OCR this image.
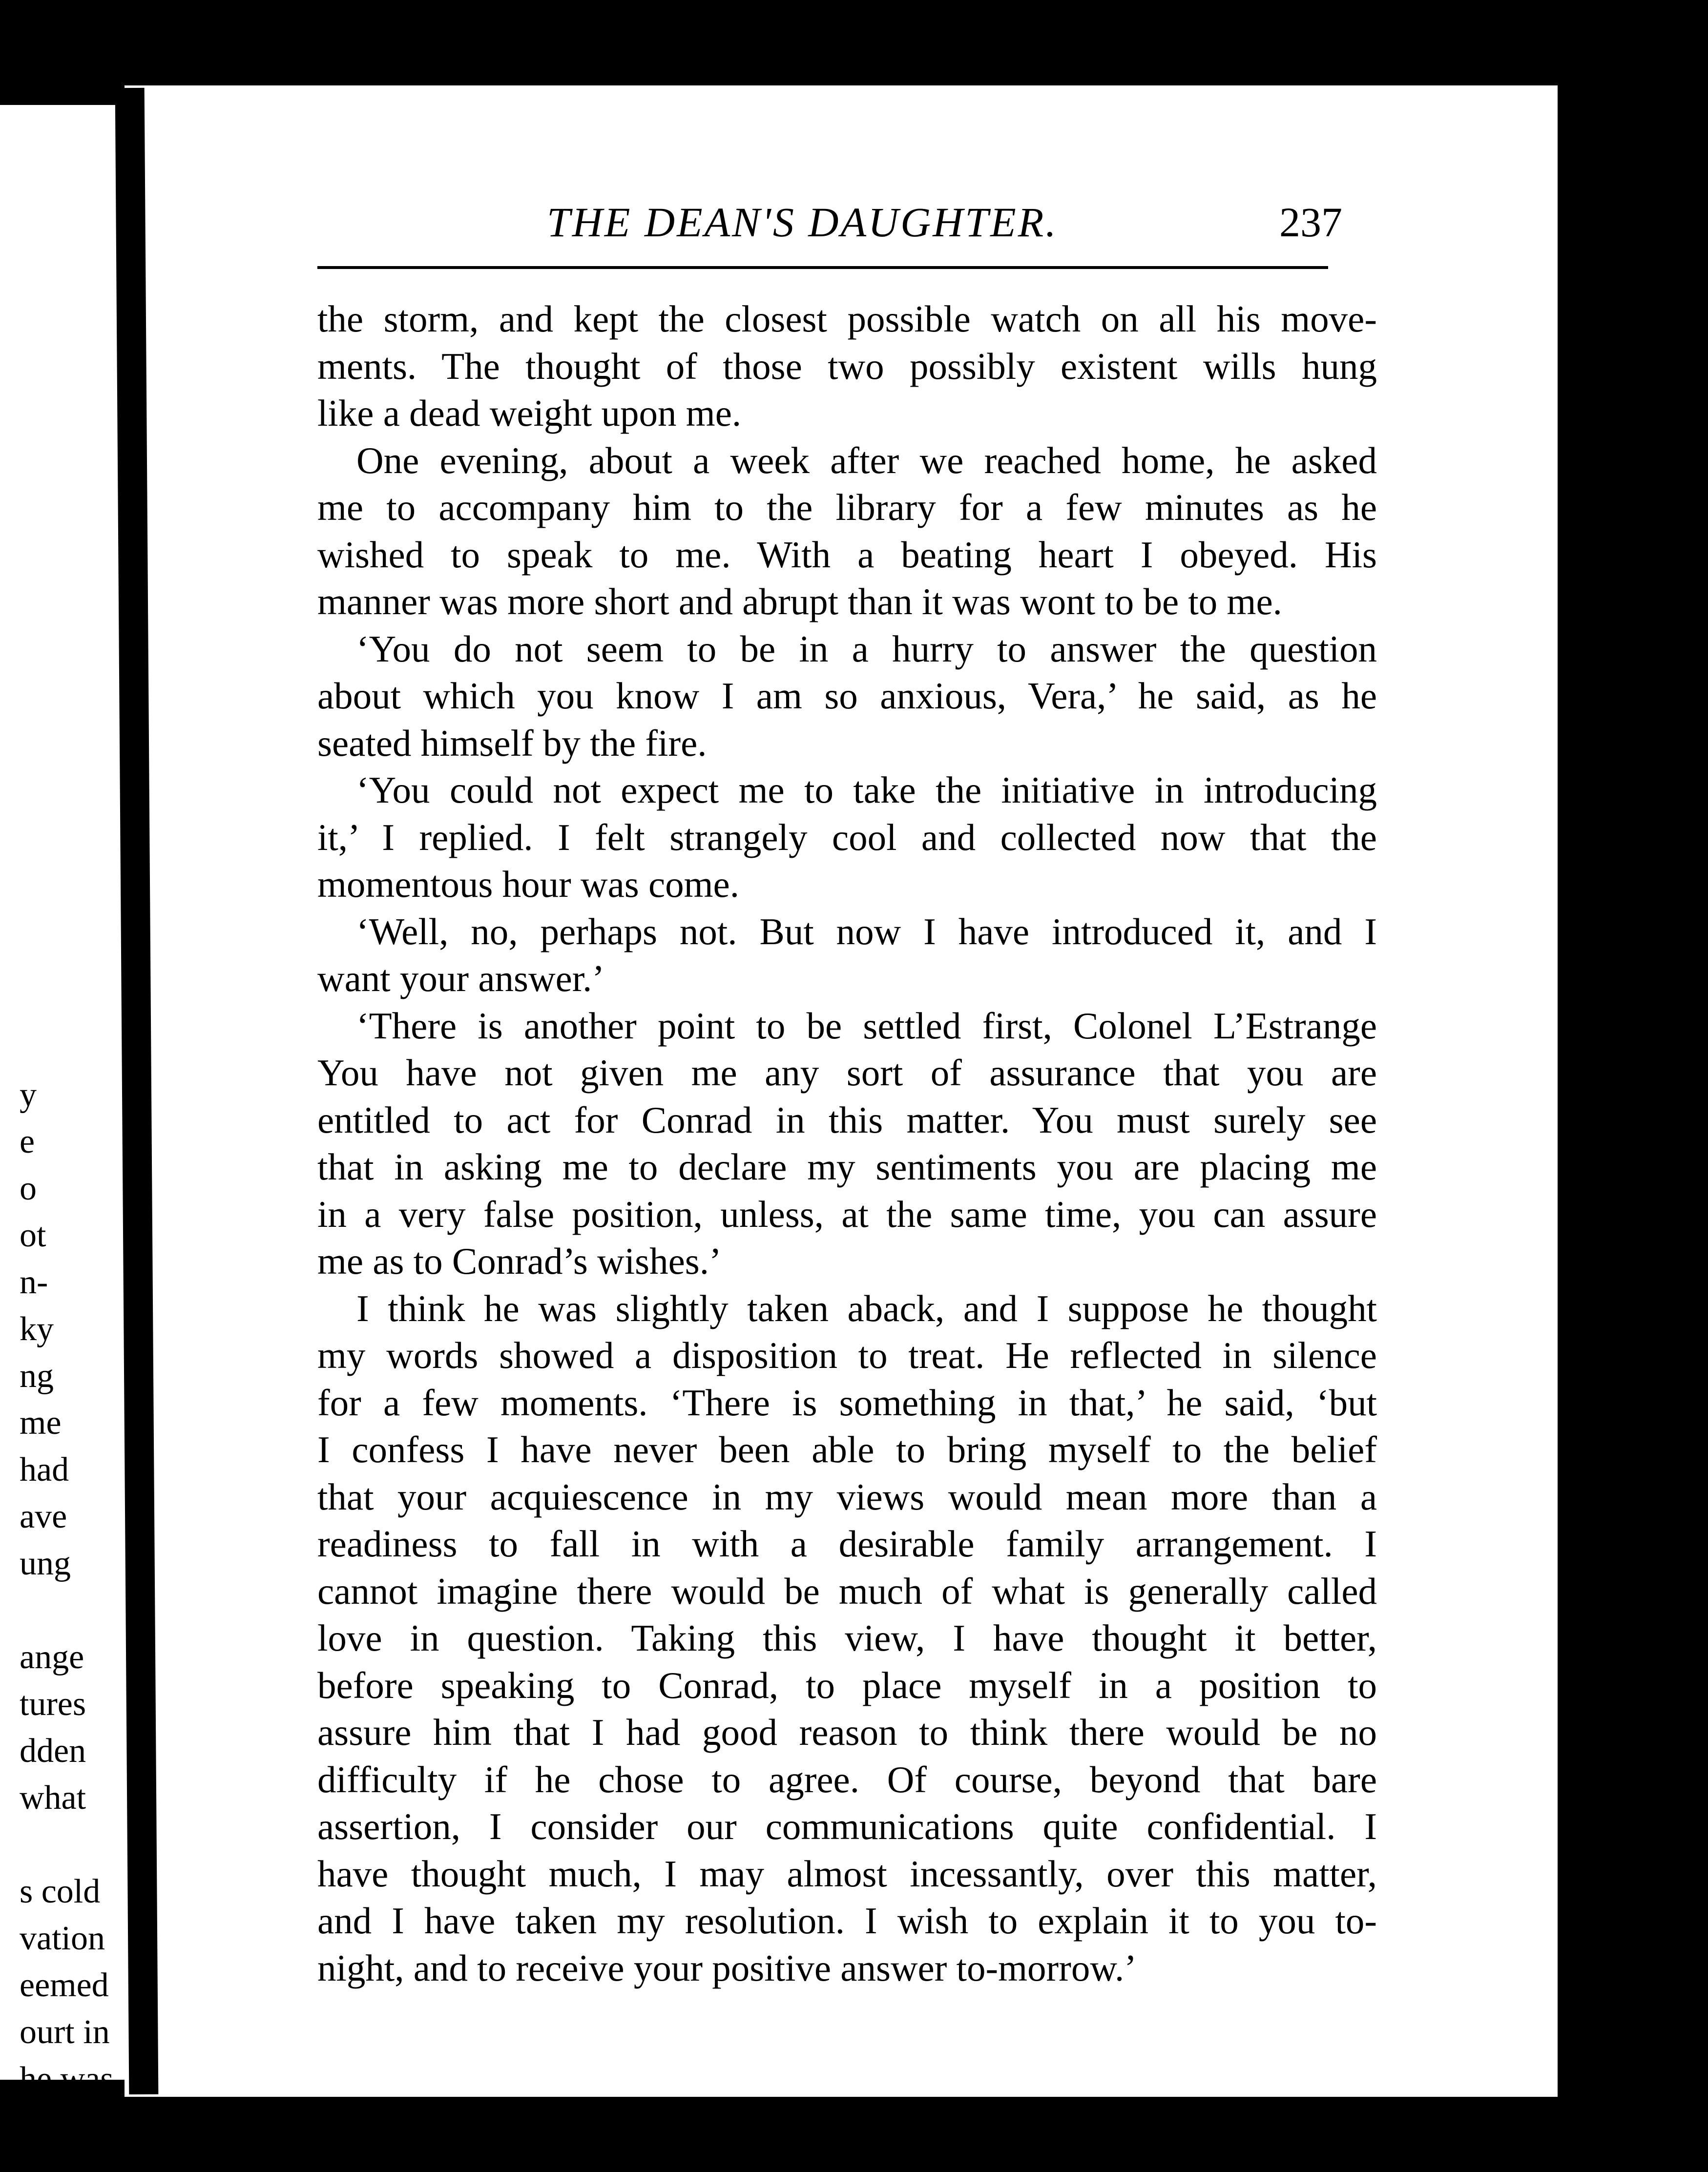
y
e
o
ot
n-
ky
ng
me
had
ave
ung
ange
tures
dden
what
s cold
vation
eemed
ourt in
he was
before
THE DEAN'S DAUGHTER.	237
the storm, and kept the closest possible watch on all his move-
ments. The thought of those two possibly existent wills hung
like a dead weight upon me.
One evening, about a week after we reached home, he asked
me to accompany him to the library for a few minutes as he
wished to speak to me. With a beating heart I obeyed. His
manner was more short and abrupt than it was wont to be to me.
‘You do not seem to be in a hurry to answer the question
about which you know I am so anxious, Vera,’ he said, as he
seated himself by the fire.
‘You could not expect me to take the initiative in introducing
it,’ I replied. I felt strangely cool and collected now that the
momentous hour was come.
‘Well, no, perhaps not. But now I have introduced it, and I
want your answer.’
‘There is another point to be settled first, Colonel L’Estrange
You have not given me any sort of assurance that you are
entitled to act for Conrad in this matter. You must surely see
that in asking me to declare my sentiments you are placing me
in a very false position, unless, at the same time, you can assure
me as to Conrad’s wishes.’
I think he was slightly taken aback, and I suppose he thought
my words showed a disposition to treat. He reflected in silence
for a few moments. ‘There is something in that,’ he said, ‘but
I confess I have never been able to bring myself to the belief
that your acquiescence in my views would mean more than a
readiness to fall in with a desirable family arrangement. I
cannot imagine there would be much of what is generally called
love in question. Taking this view, I have thought it better,
before speaking to Conrad, to place myself in a position to
assure him that I had good reason to think there would be no
difficulty if he chose to agree. Of course, beyond that bare
assertion, I consider our communications quite confidential. I
have thought much, I may almost incessantly, over this matter,
and I have taken my resolution. I wish to explain it to you to-
night, and to receive your positive answer to-morrow.’
